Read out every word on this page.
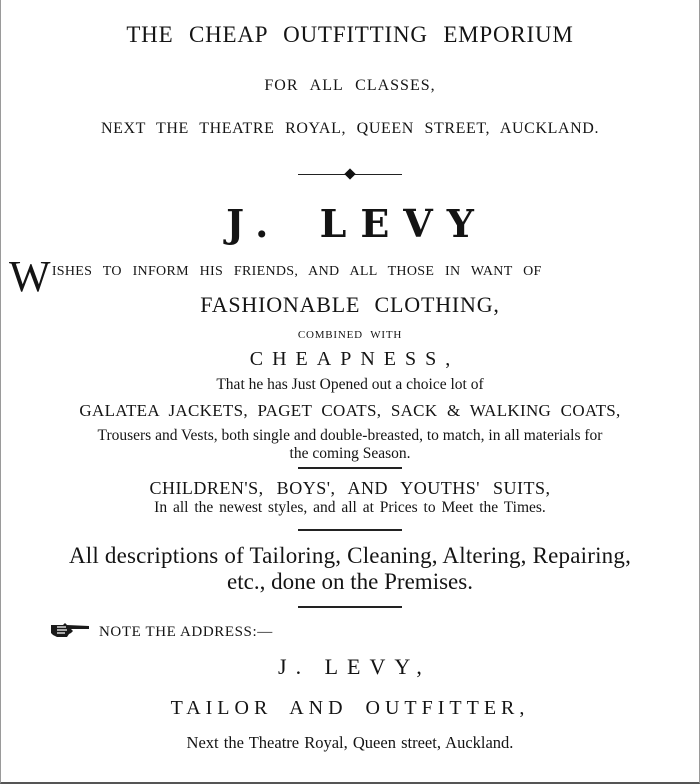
THE CHEAP OUTFITTING EMPORIUM
FOR ALL CLASSES,
NEXT THE THEATRE ROYAL, QUEEN STREET, AUCKLAND.
J. LEVY
WISHES TO INFORM HIS FRIENDS, AND ALL THOSE IN WANT OF
FASHIONABLE CLOTHING,
COMBINED WITH
CHEAPNESS,
That he has Just Opened out a choice lot of
GALATEA JACKETS, PAGET COATS, SACK & WALKING COATS,
Trousers and Vests, both single and double-breasted, to match, in all materials for
the coming Season.
CHILDREN'S, BOYS', AND YOUTHS' SUITS,
In all the newest styles, and all at Prices to Meet the Times.
All descriptions of Tailoring, Cleaning, Altering, Repairing,
etc., done on the Premises.
NOTE THE ADDRESS:—
J. LEVY,
TAILOR AND OUTFITTER,
Next the Theatre Royal, Queen street, Auckland.
